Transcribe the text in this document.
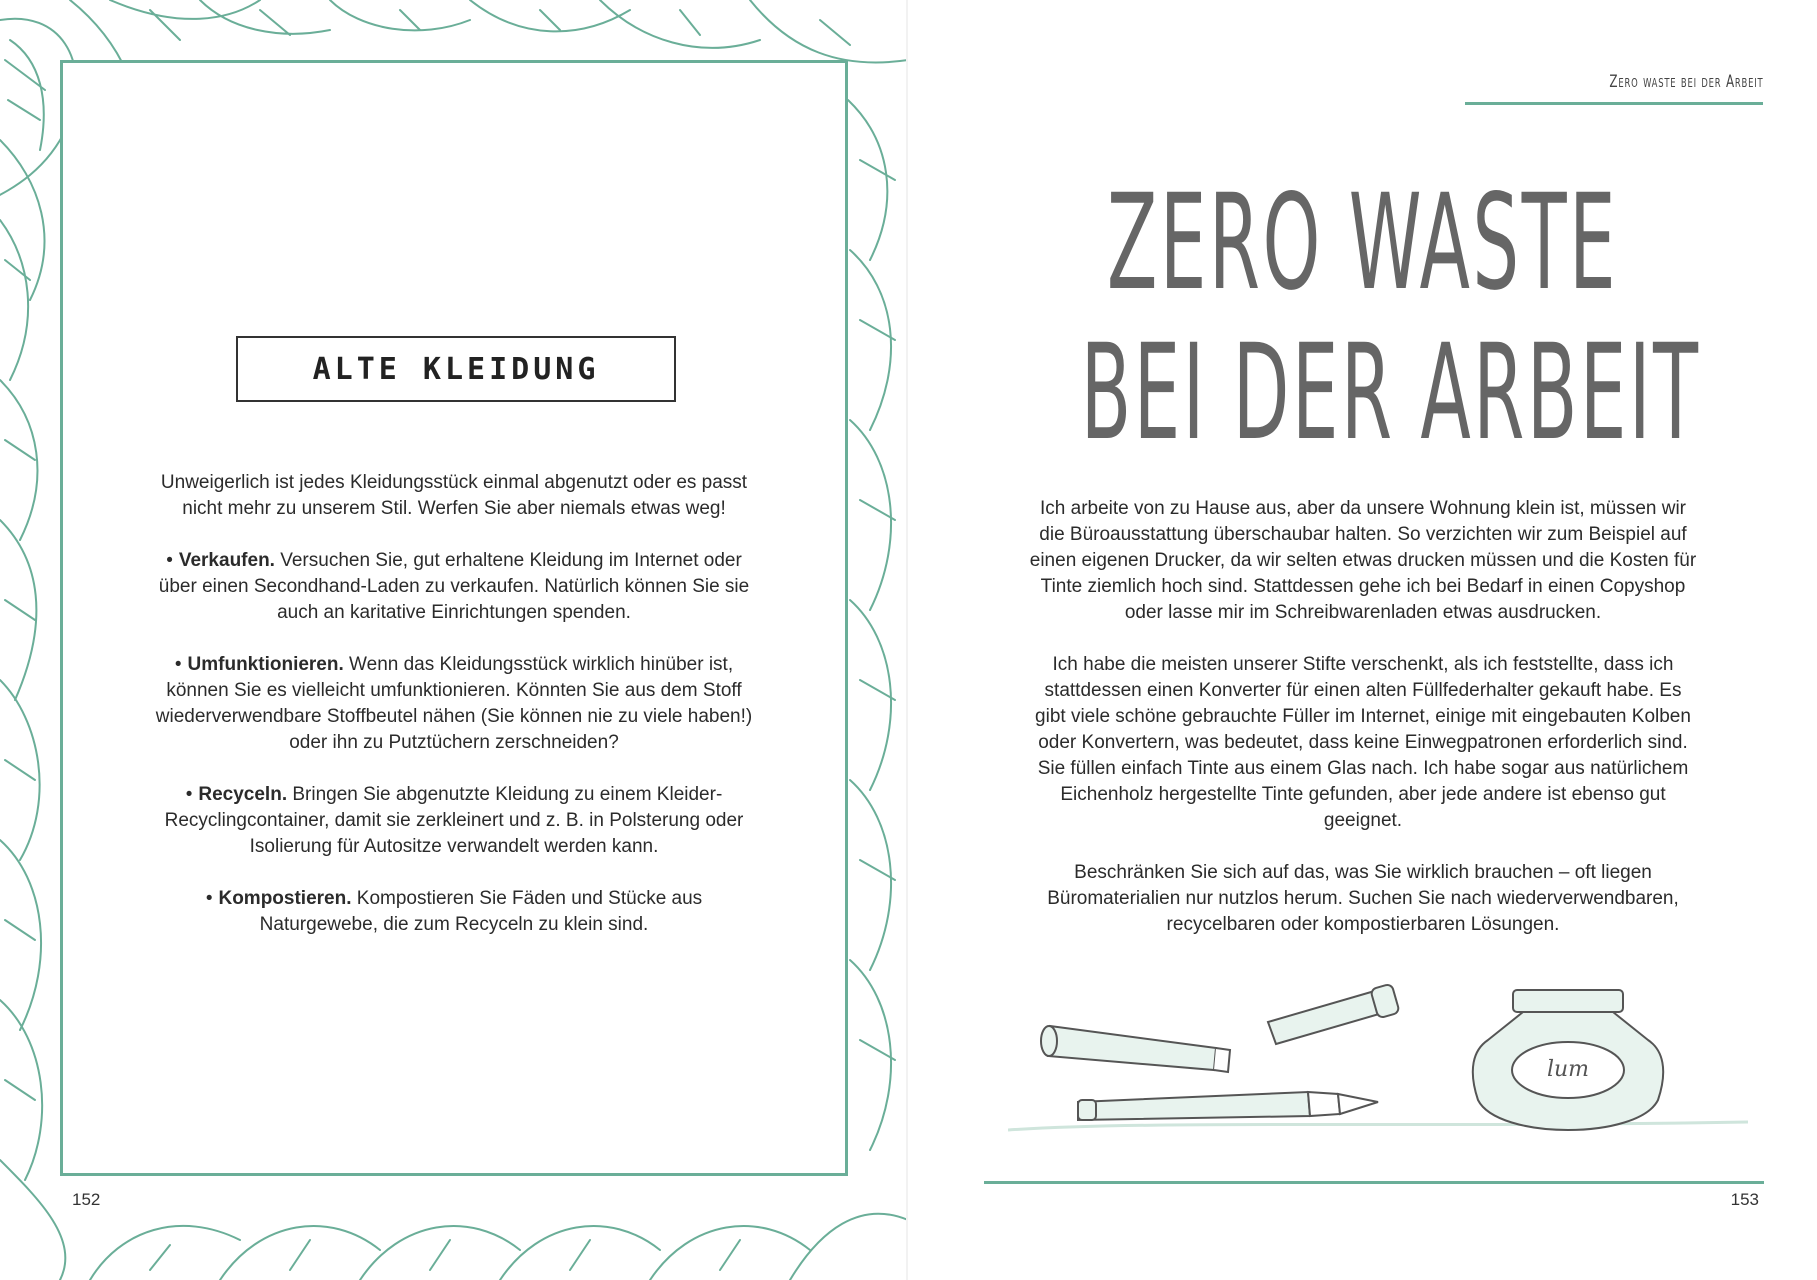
ALTE KLEIDUNG

Unweigerlich ist jedes Kleidungsstück einmal abgenutzt oder es passt nicht mehr zu unserem Stil. Werfen Sie aber niemals etwas weg!

• Verkaufen. Versuchen Sie, gut erhaltene Kleidung im Internet oder über einen Secondhand-Laden zu verkaufen. Natürlich können Sie sie auch an karitative Einrichtungen spenden.

• Umfunktionieren. Wenn das Kleidungsstück wirklich hinüber ist, können Sie es vielleicht umfunktionieren. Könnten Sie aus dem Stoff wiederverwendbare Stoffbeutel nähen (Sie können nie zu viele haben!) oder ihn zu Putztüchern zerschneiden?

• Recyceln. Bringen Sie abgenutzte Kleidung zu einem Kleider-Recyclingcontainer, damit sie zerkleinert und z. B. in Polsterung oder Isolierung für Autositze verwandelt werden kann.

• Kompostieren. Kompostieren Sie Fäden und Stücke aus Naturgewebe, die zum Recyceln zu klein sind.

152
Zero waste bei der Arbeit
ZERO WASTE
BEI DER ARBEIT

Ich arbeite von zu Hause aus, aber da unsere Wohnung klein ist, müssen wir die Büroausstattung überschaubar halten. So verzichten wir zum Beispiel auf einen eigenen Drucker, da wir selten etwas drucken müssen und die Kosten für Tinte ziemlich hoch sind. Stattdessen gehe ich bei Bedarf in einen Copyshop oder lasse mir im Schreibwarenladen etwas ausdrucken.

Ich habe die meisten unserer Stifte verschenkt, als ich feststellte, dass ich stattdessen einen Konverter für einen alten Füllfederhalter gekauft habe. Es gibt viele schöne gebrauchte Füller im Internet, einige mit eingebauten Kolben oder Konvertern, was bedeutet, dass keine Einwegpatronen erforderlich sind. Sie füllen einfach Tinte aus einem Glas nach. Ich habe sogar aus natürlichem Eichenholz hergestellte Tinte gefunden, aber jede andere ist ebenso gut geeignet.

Beschränken Sie sich auf das, was Sie wirklich brauchen – oft liegen Büromaterialien nur nutzlos herum. Suchen Sie nach wiederverwendbaren, recycelbaren oder kompostierbaren Lösungen.

lum
153
